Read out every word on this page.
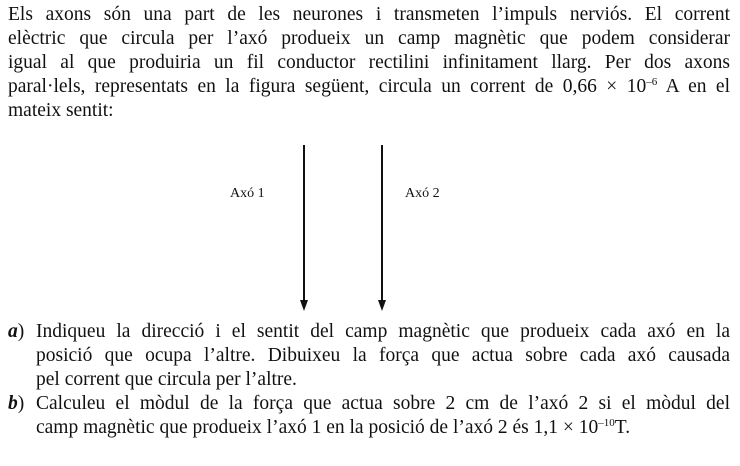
Els axons són una part de les neurones i transmeten l’impuls nerviós. El corrent
elèctric que circula per l’axó produeix un camp magnètic que podem considerar
igual al que produiria un fil conductor rectilini infinitament llarg. Per dos axons
paral·lels, representats en la figura següent, circula un corrent de $0,66 \times 10^{-6}$ A en el
mateix sentit:
Axó 1	Axó 2
a) Indiqueu la direcció i el sentit del camp magnètic que produeix cada axó en la
posició que ocupa l’altre. Dibuixeu la força que actua sobre cada axó causada
pel corrent que circula per l’altre.
b) Calculeu el mòdul de la força que actua sobre 2 cm de l’axó 2 si el mòdul del
camp magnètic que produeix l’axó 1 en la posició de l’axó 2 és $1,1 \times 10^{-10}T$.
